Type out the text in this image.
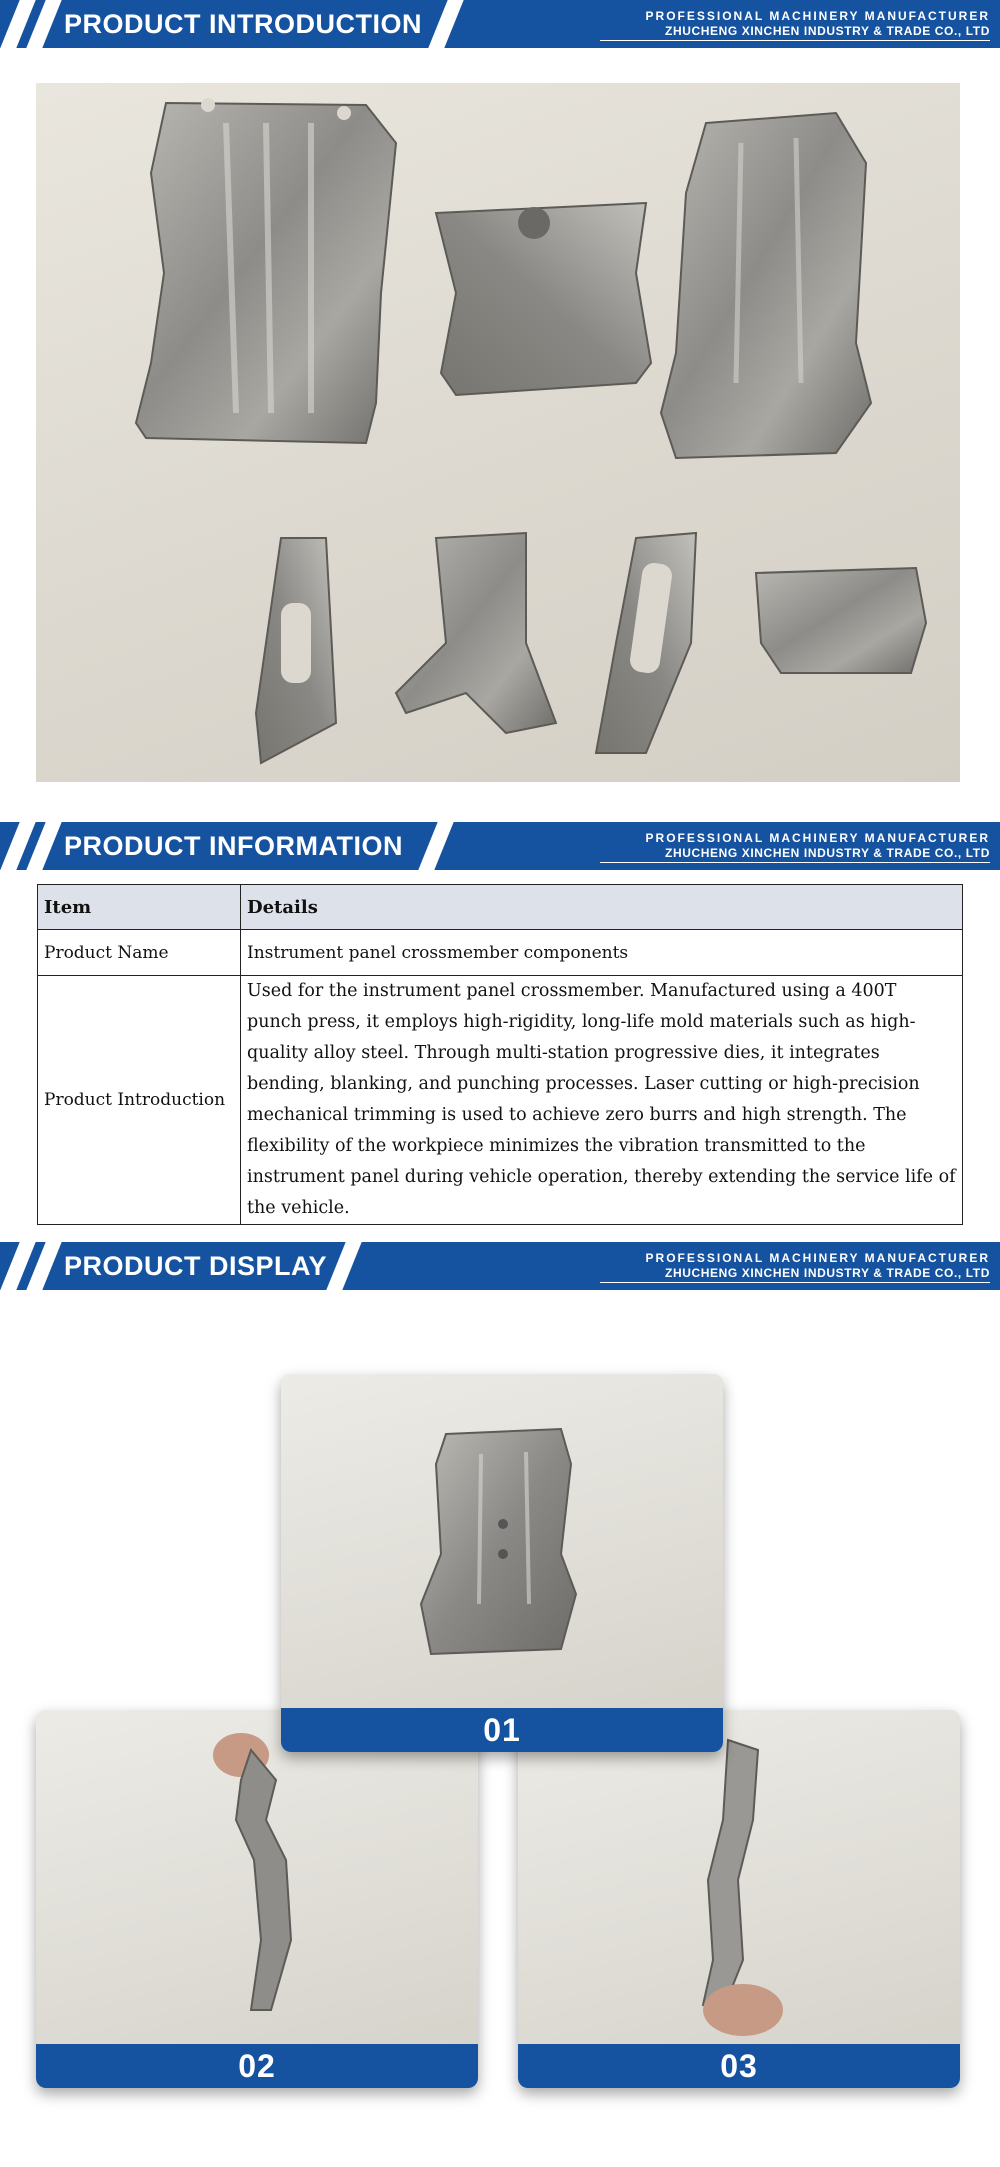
PRODUCT INTRODUCTION	PROFESSIONAL MACHINERY MANUFACTURER
ZHUCHENG XINCHEN INDUSTRY & TRADE CO., LTD
PRODUCT INFORMATION	PROFESSIONAL MACHINERY MANUFACTURER
ZHUCHENG XINCHEN INDUSTRY & TRADE CO., LTD
Item	Details
Product Name	Instrument panel crossmember components
Product Introduction	Used for the instrument panel crossmember. Manufactured using a 400T punch press, it employs high-rigidity, long-life mold materials such as high-quality alloy steel. Through multi-station progressive dies, it integrates bending, blanking, and punching processes. Laser cutting or high-precision mechanical trimming is used to achieve zero burrs and high strength. The flexibility of the workpiece minimizes the vibration transmitted to the instrument panel during vehicle operation, thereby extending the service life of the vehicle.
PRODUCT DISPLAY	PROFESSIONAL MACHINERY MANUFACTURER
ZHUCHENG XINCHEN INDUSTRY & TRADE CO., LTD
02	03
01
